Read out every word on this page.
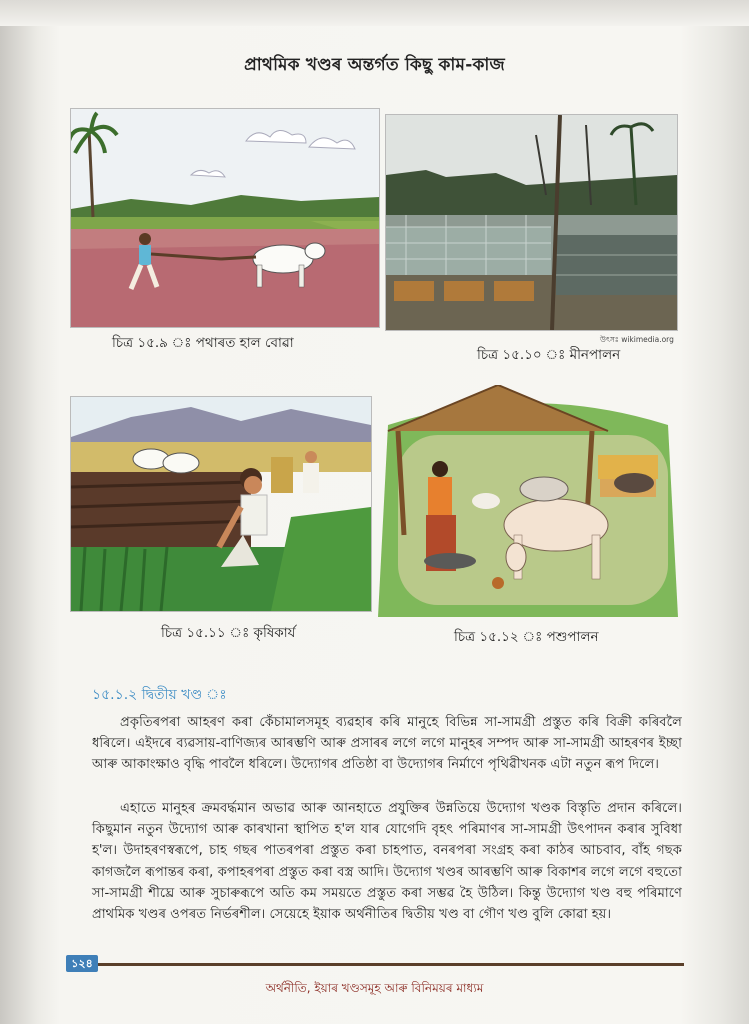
প্ৰাথমিক খণ্ডৰ অন্তৰ্গত কিছু কাম-কাজ
চিত্ৰ ১৫.৯ ঃ পথাৰত হাল বোৱা	উৎসঃ wikimedia.org
চিত্ৰ ১৫.১০ ঃ মীনপালন
চিত্ৰ ১৫.১১ ঃ কৃষিকাৰ্য	চিত্ৰ ১৫.১২ ঃ পশুপালন
১৫.১.২ দ্বিতীয় খণ্ড ঃ

প্ৰকৃতিৰপৰা আহৰণ কৰা কেঁচামালসমূহ ব্যৱহাৰ কৰি মানুহে বিভিন্ন সা-সামগ্ৰী প্ৰস্তুত কৰি বিক্ৰী কৰিবলৈ ধৰিলে। এইদৰে ব্যৱসায়-বাণিজ্যৰ আৰম্ভণি আৰু প্ৰসাৰৰ লগে লগে মানুহৰ সম্পদ আৰু সা-সামগ্ৰী আহৰণৰ ইচ্ছা আৰু আকাংক্ষাও বৃদ্ধি পাবলৈ ধৰিলে। উদ্যোগৰ প্ৰতিষ্ঠা বা উদ্যোগৰ নিৰ্মাণে পৃথিৱীখনক এটা নতুন ৰূপ দিলে।

এহাতে মানুহৰ ক্ৰমবৰ্দ্ধমান অভাৱ আৰু আনহাতে প্ৰযুক্তিৰ উন্নতিয়ে উদ্যোগ খণ্ডক বিস্তৃতি প্ৰদান কৰিলে। কিছুমান নতুন উদ্যোগ আৰু কাৰখানা স্থাপিত হ'ল যাৰ যোগেদি বৃহৎ পৰিমাণৰ সা-সামগ্ৰী উৎপাদন কৰাৰ সুবিধা হ'ল। উদাহৰণস্বৰূপে, চাহ গছৰ পাতৰপৰা প্ৰস্তুত কৰা চাহপাত, বনৰপৰা সংগ্ৰহ কৰা কাঠৰ আচবাব, বাঁহ গছক কাগজলৈ ৰূপান্তৰ কৰা, কপাহৰপৰা প্ৰস্তুত কৰা বস্ত্ৰ আদি। উদ্যোগ খণ্ডৰ আৰম্ভণি আৰু বিকাশৰ লগে লগে বহুতো সা-সামগ্ৰী শীঘ্ৰে আৰু সুচাৰুৰূপে অতি কম সময়তে প্ৰস্তুত কৰা সম্ভৱ হৈ উঠিল। কিন্তু উদ্যোগ খণ্ড বহু পৰিমাণে প্ৰাথমিক খণ্ডৰ ওপৰত নিৰ্ভৰশীল। সেয়েহে ইয়াক অৰ্থনীতিৰ দ্বিতীয় খণ্ড বা গৌণ খণ্ড বুলি কোৱা হয়।

১২৪
অৰ্থনীতি, ইয়াৰ খণ্ডসমূহ আৰু বিনিময়ৰ মাধ্যম
